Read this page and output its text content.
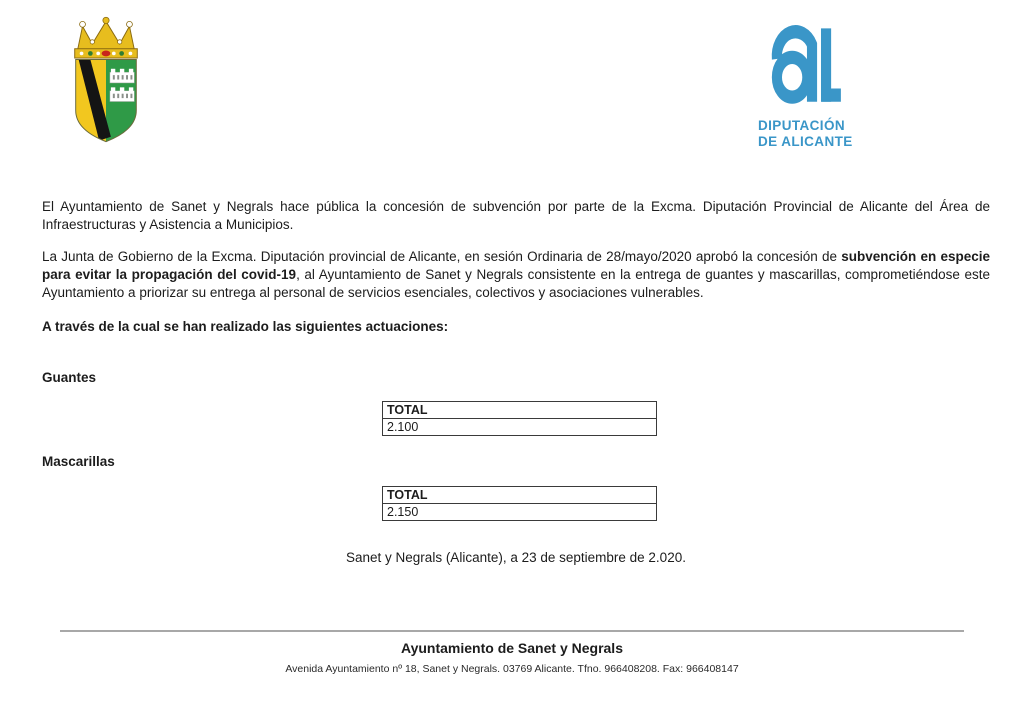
DIPUTACIÓN
DE ALICANTE

El Ayuntamiento de Sanet y Negrals hace pública la concesión de subvención por parte de la Excma. Diputación Provincial de Alicante del Área de Infraestructuras y Asistencia a Municipios.

La Junta de Gobierno de la Excma. Diputación provincial de Alicante, en sesión Ordinaria de 28/mayo/2020 aprobó la concesión de subvención en especie para evitar la propagación del covid-19, al Ayuntamiento de Sanet y Negrals consistente en la entrega de guantes y mascarillas, comprometiéndose este Ayuntamiento a priorizar su entrega al personal de servicios esenciales, colectivos y asociaciones vulnerables.

A través de la cual se han realizado las siguientes actuaciones:
Guantes
TOTAL
2.100
Mascarillas
TOTAL
2.150
Sanet y Negrals (Alicante), a 23 de septiembre de 2.020.
Ayuntamiento de Sanet y Negrals
Avenida Ayuntamiento nº 18, Sanet y Negrals. 03769 Alicante. Tfno. 966408208. Fax: 966408147
